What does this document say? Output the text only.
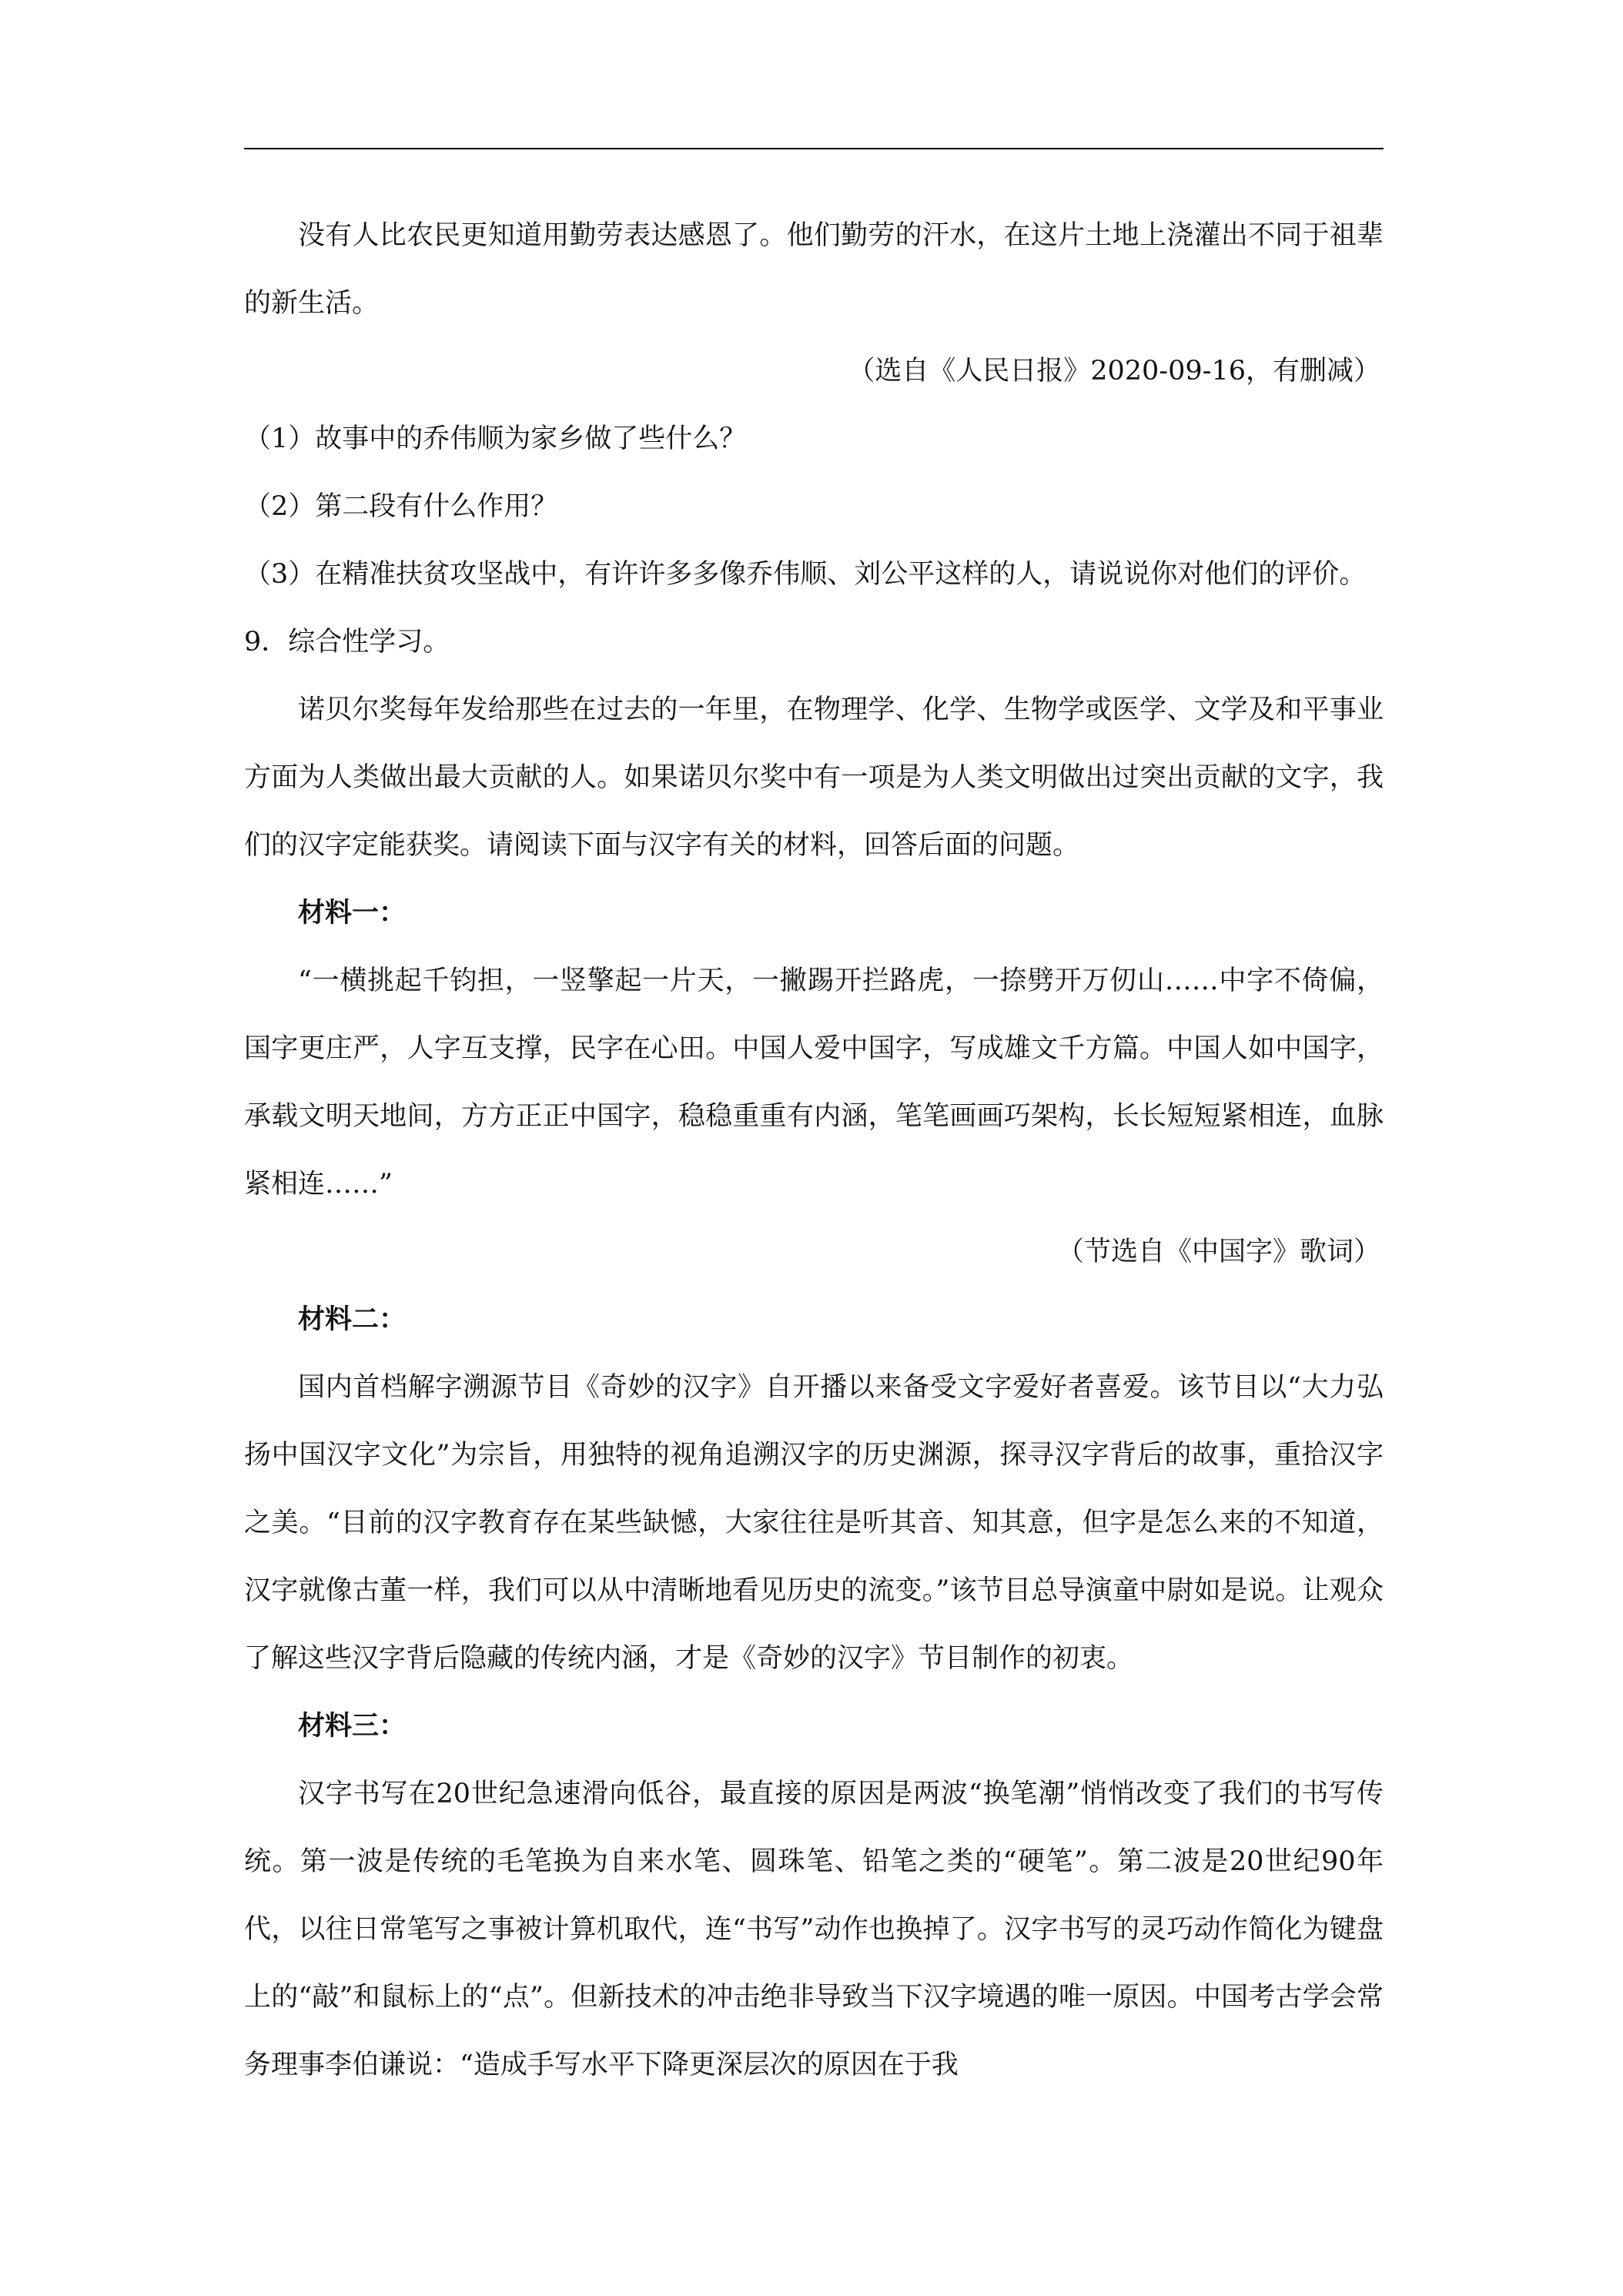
没有人比农民更知道用勤劳表达感恩了。他们勤劳的汗水，在这片土地上浇灌出不同于祖辈的新生活。

（选自《人民日报》2020-09-16，有删减）

（1）故事中的乔伟顺为家乡做了些什么？

（2）第二段有什么作用？

（3）在精准扶贫攻坚战中，有许许多多像乔伟顺、刘公平这样的人，请说说你对他们的评价。

9．综合性学习。

诺贝尔奖每年发给那些在过去的一年里，在物理学、化学、生物学或医学、文学及和平事业方面为人类做出最大贡献的人。如果诺贝尔奖中有一项是为人类文明做出过突出贡献的文字，我们的汉字定能获奖。请阅读下面与汉字有关的材料，回答后面的问题。

材料一：

“一横挑起千钧担，一竖擎起一片天，一撇踢开拦路虎，一捺劈开万仞山……中字不倚偏，国字更庄严，人字互支撑，民字在心田。中国人爱中国字，写成雄文千方篇。中国人如中国字，承载文明天地间，方方正正中国字，稳稳重重有内涵，笔笔画画巧架构，长长短短紧相连，血脉紧相连……”

（节选自《中国字》歌词）

材料二：

国内首档解字溯源节目《奇妙的汉字》自开播以来备受文字爱好者喜爱。该节目以“大力弘扬中国汉字文化”为宗旨，用独特的视角追溯汉字的历史渊源，探寻汉字背后的故事，重拾汉字之美。“目前的汉字教育存在某些缺憾，大家往往是听其音、知其意，但字是怎么来的不知道，汉字就像古董一样，我们可以从中清晰地看见历史的流变。”该节目总导演童中尉如是说。让观众了解这些汉字背后隐藏的传统内涵，才是《奇妙的汉字》节目制作的初衷。

材料三：

汉字书写在20世纪急速滑向低谷，最直接的原因是两波“换笔潮”悄悄改变了我们的书写传统。第一波是传统的毛笔换为自来水笔、圆珠笔、铅笔之类的“硬笔”。第二波是20世纪90年代，以往日常笔写之事被计算机取代，连“书写”动作也换掉了。汉字书写的灵巧动作简化为键盘上的“敲”和鼠标上的“点”。但新技术的冲击绝非导致当下汉字境遇的唯一原因。中国考古学会常务理事李伯谦说：“造成手写水平下降更深层次的原因在于我
